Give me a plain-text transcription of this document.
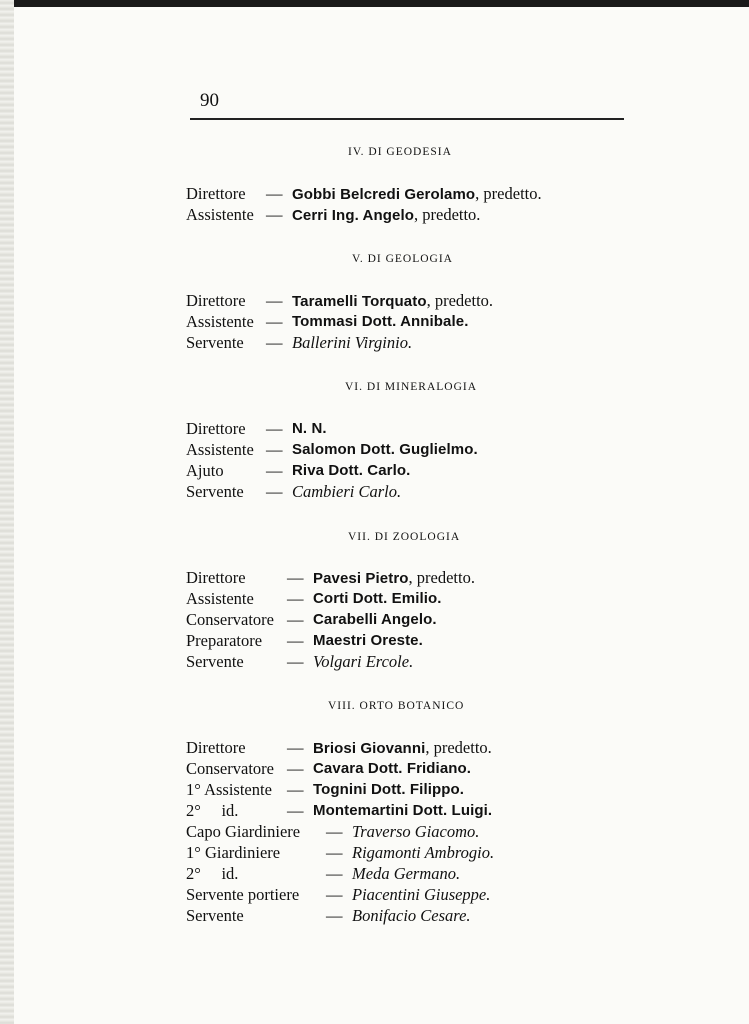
90
IV. DI GEODESIA
Direttore — Gobbi Belcredi Gerolamo, predetto.
Assistente — Cerri Ing. Angelo, predetto.
V. DI GEOLOGIA
Direttore — Taramelli Torquato, predetto.
Assistente — Tommasi Dott. Annibale.
Servente — Ballerini Virginio.
VI. DI MINERALOGIA
Direttore — N. N.
Assistente — Salomon Dott. Guglielmo.
Ajuto	— Riva Dott. Carlo.
Servente — Cambieri Carlo.
VII. DI ZOOLOGIA
Direttore	— Pavesi Pietro, predetto.
Assistente — Corti Dott. Emilio.
Conservatore — Carabelli Angelo.
Preparatore — Maestri Oreste.
Servente	— Volgari Ercole.
VIII. ORTO BOTANICO
Direttore	— Briosi Giovanni, predetto.
Conservatore — Cavara Dott. Fridiano.
1° Assistente — Tognini Dott. Filippo.
2°     id.	— Montemartini Dott. Luigi.
Capo Giardiniere — Traverso Giacomo.
1° Giardiniere	— Rigamonti Ambrogio.
2°     id.	— Meda Germano.
Servente portiere — Piacentini Giuseppe.
Servente	— Bonifacio Cesare.
